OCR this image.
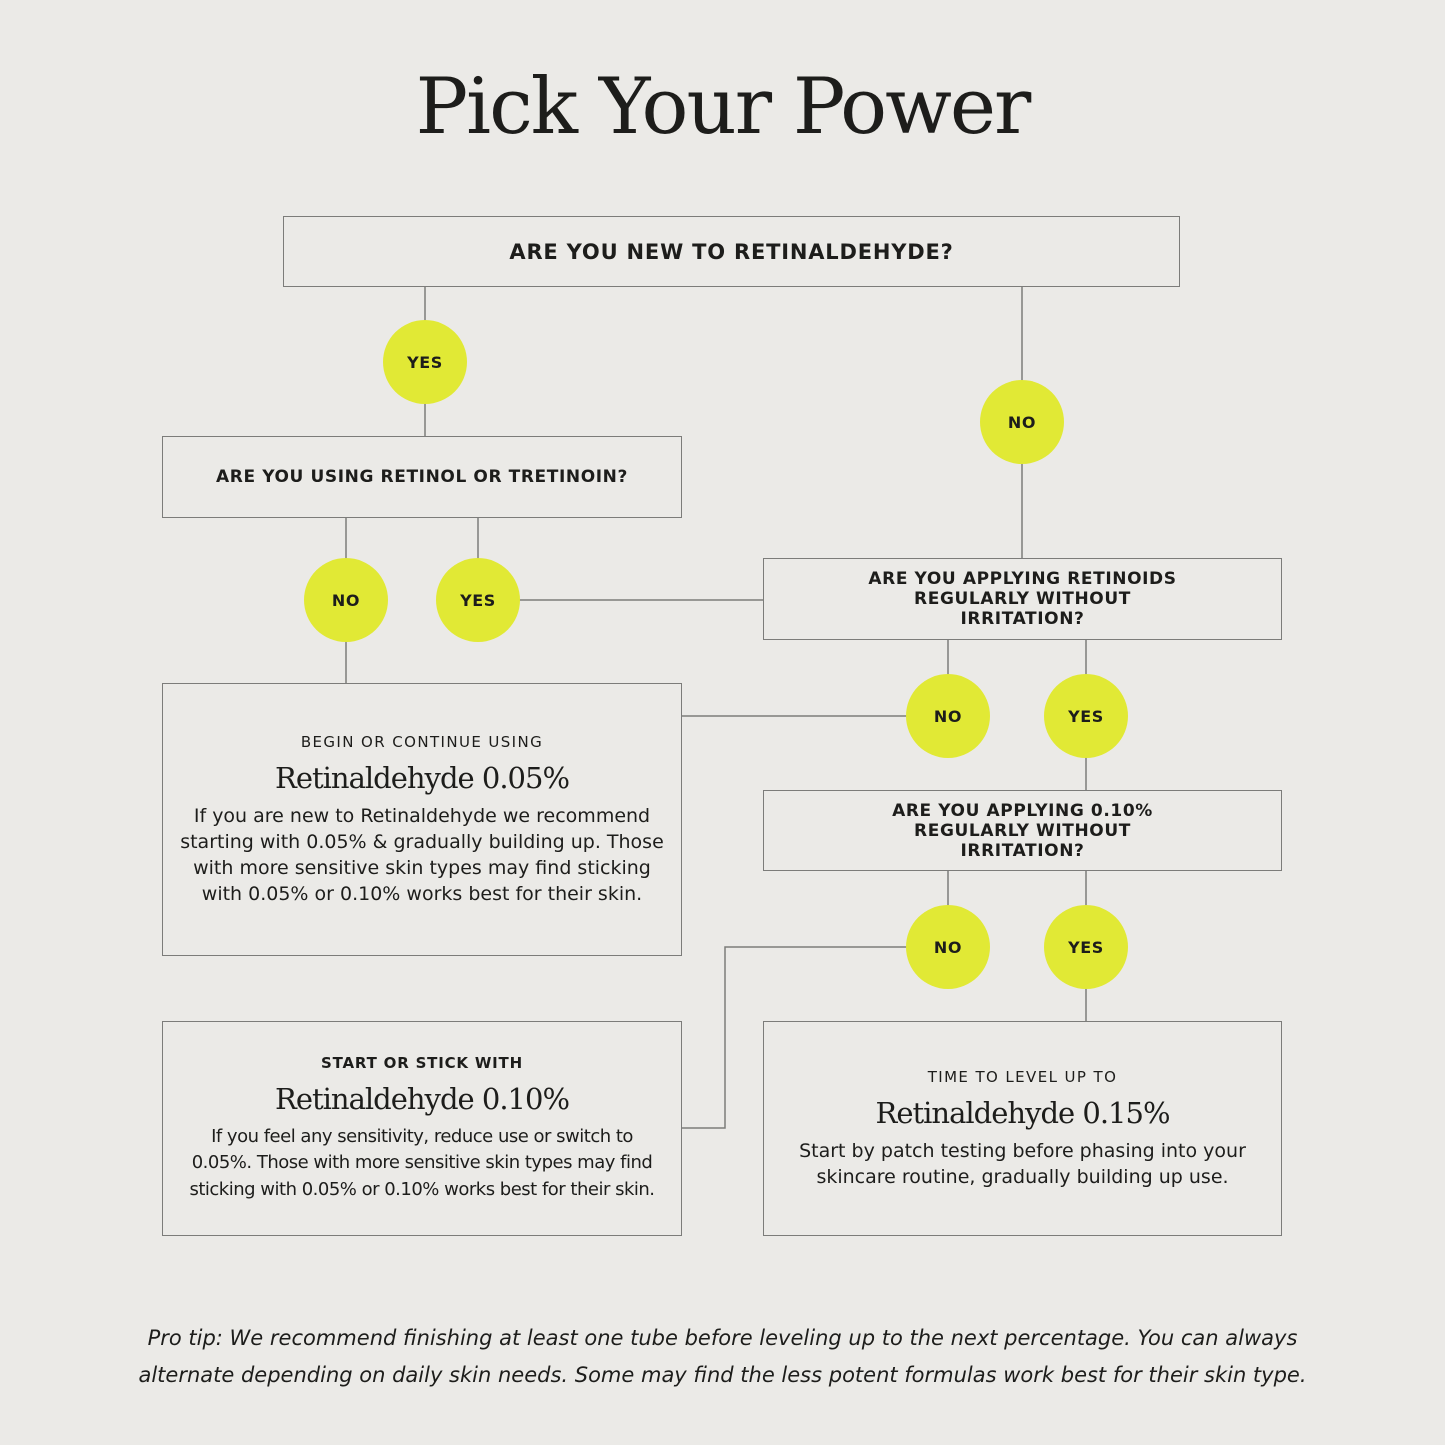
Pick Your Power
ARE YOU NEW TO RETINALDEHYDE?
ARE YOU USING RETINOL OR TRETINOIN?
ARE YOU APPLYING RETINOIDS REGULARLY WITHOUT IRRITATION?
ARE YOU APPLYING 0.10% REGULARLY WITHOUT IRRITATION?
YES
NO
NO	YES
NO	YES
NO	YES
BEGIN OR CONTINUE USING
Retinaldehyde 0.05%
If you are new to Retinaldehyde we recommend starting with 0.05% & gradually building up. Those with more sensitive skin types may find sticking with 0.05% or 0.10% works best for their skin.
START OR STICK WITH
Retinaldehyde 0.10%
If you feel any sensitivity, reduce use or switch to 0.05%. Those with more sensitive skin types may find sticking with 0.05% or 0.10% works best for their skin.
TIME TO LEVEL UP TO
Retinaldehyde 0.15%
Start by patch testing before phasing into your skincare routine, gradually building up use.
Pro tip: We recommend finishing at least one tube before leveling up to the next percentage. You can always alternate depending on daily skin needs. Some may find the less potent formulas work best for their skin type.
